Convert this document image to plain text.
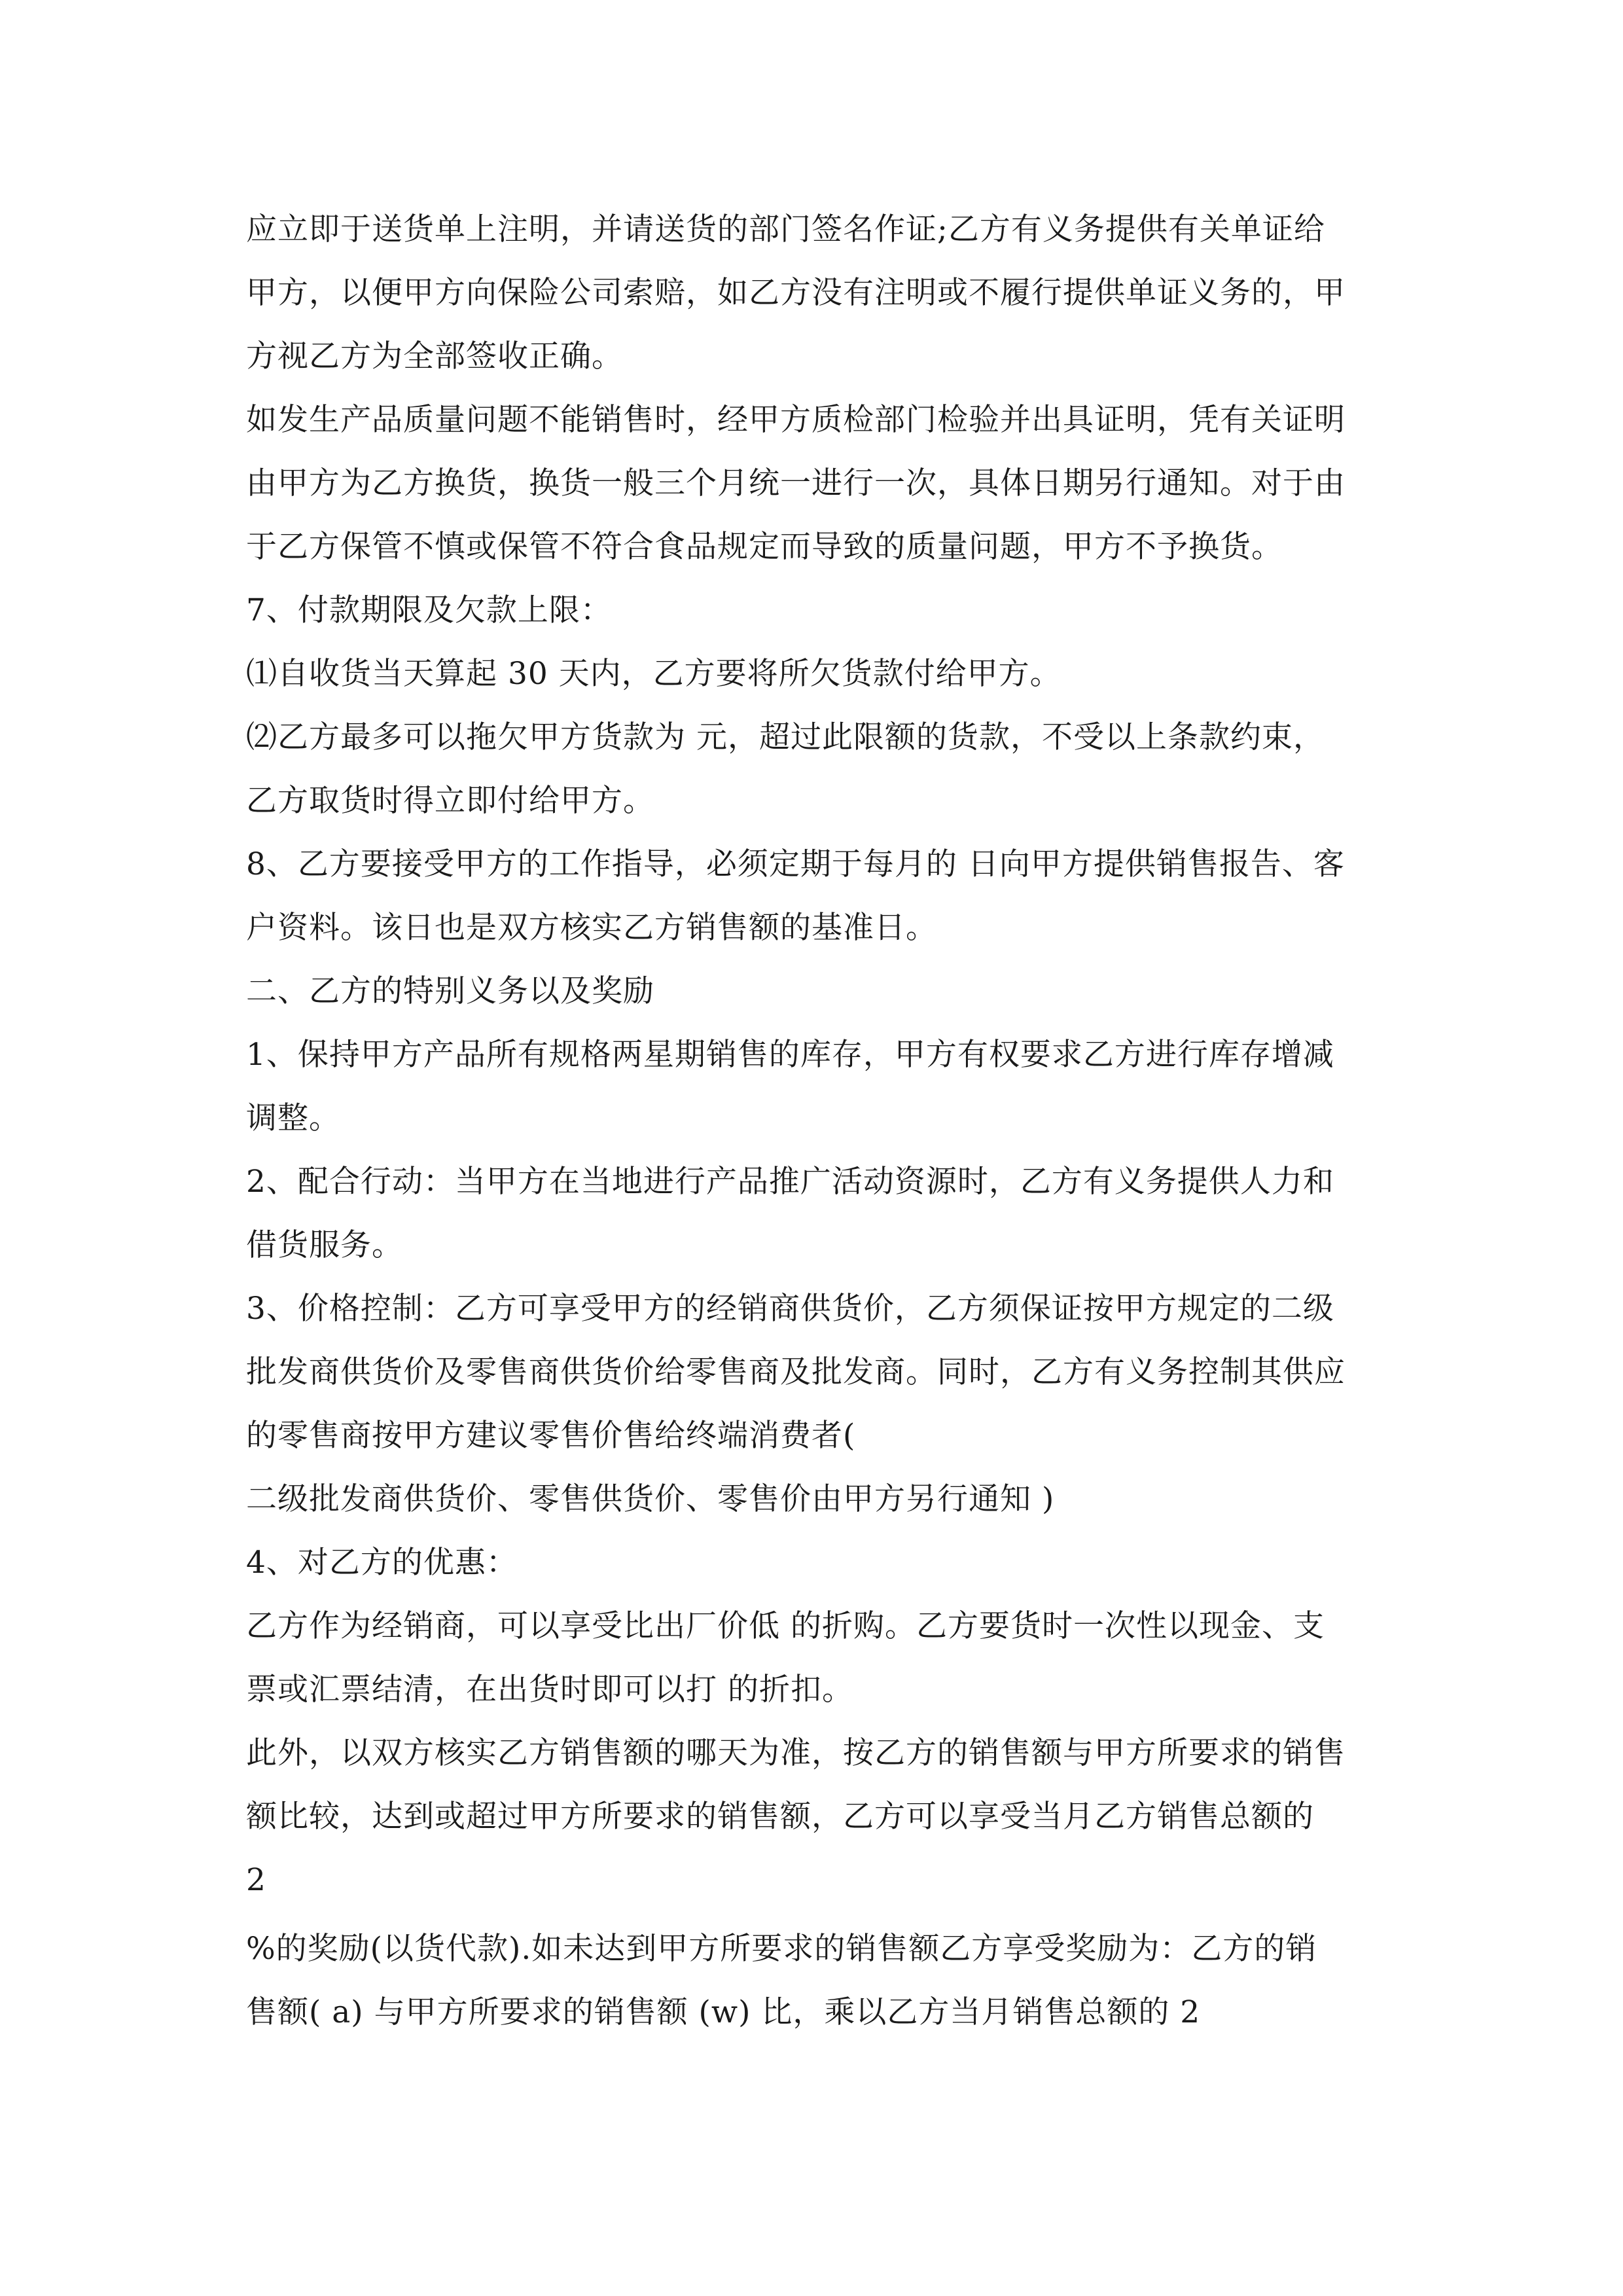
应立即于送货单上注明，并请送货的部门签名作证;乙方有义务提供有关单证给
甲方，以便甲方向保险公司索赔，如乙方没有注明或不履行提供单证义务的，甲
方视乙方为全部签收正确。
如发生产品质量问题不能销售时，经甲方质检部门检验并出具证明，凭有关证明
由甲方为乙方换货，换货一般三个月统一进行一次，具体日期另行通知。对于由
于乙方保管不慎或保管不符合食品规定而导致的质量问题，甲方不予换货。
7、付款期限及欠款上限：
⑴自收货当天算起 30 天内，乙方要将所欠货款付给甲方。
⑵乙方最多可以拖欠甲方货款为 元，超过此限额的货款，不受以上条款约束，
乙方取货时得立即付给甲方。
8、乙方要接受甲方的工作指导，必须定期于每月的 日向甲方提供销售报告、客
户资料。该日也是双方核实乙方销售额的基准日。
二、乙方的特别义务以及奖励
1、保持甲方产品所有规格两星期销售的库存，甲方有权要求乙方进行库存增减
调整。
2、配合行动：当甲方在当地进行产品推广活动资源时，乙方有义务提供人力和
借货服务。
3、价格控制：乙方可享受甲方的经销商供货价，乙方须保证按甲方规定的二级
批发商供货价及零售商供货价给零售商及批发商。同时，乙方有义务控制其供应
的零售商按甲方建议零售价售给终端消费者(
二级批发商供货价、零售供货价、零售价由甲方另行通知 )
4、对乙方的优惠：
乙方作为经销商，可以享受比出厂价低 的折购。乙方要货时一次性以现金、支
票或汇票结清，在出货时即可以打 的折扣。
此外，以双方核实乙方销售额的哪天为准，按乙方的销售额与甲方所要求的销售
额比较，达到或超过甲方所要求的销售额，乙方可以享受当月乙方销售总额的
2
%的奖励(以货代款).如未达到甲方所要求的销售额乙方享受奖励为：乙方的销
售额( a) 与甲方所要求的销售额 (w) 比，乘以乙方当月销售总额的 2
